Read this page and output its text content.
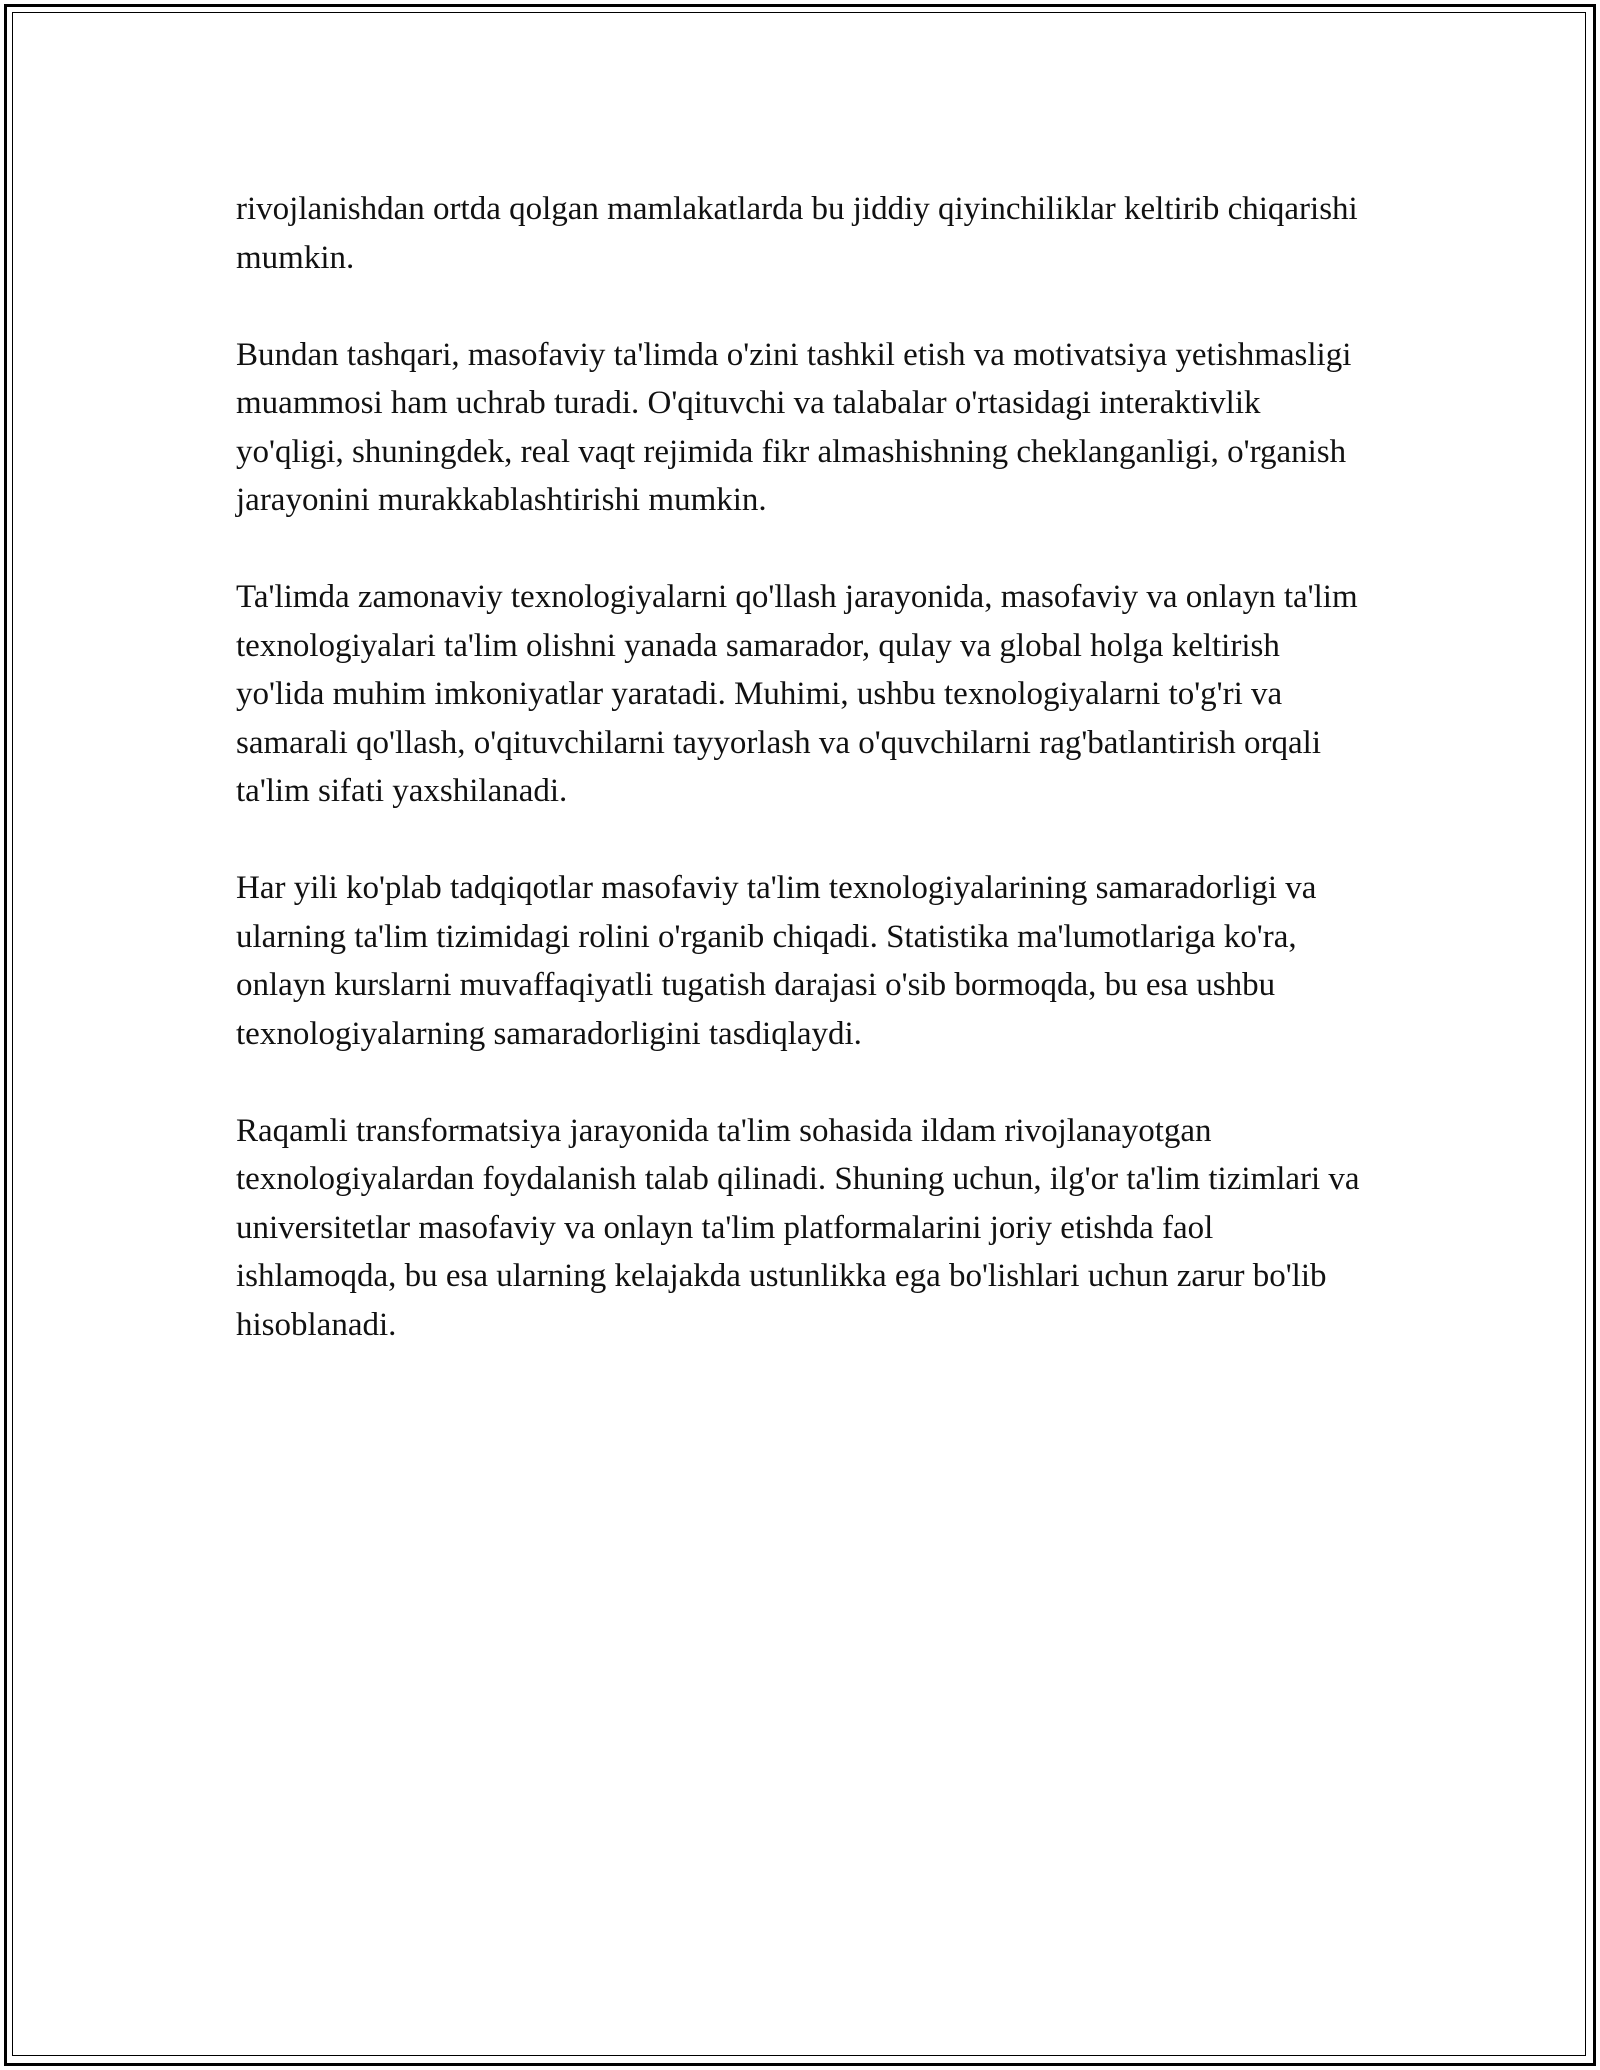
rivojlanishdan ortda qolgan mamlakatlarda bu jiddiy qiyinchiliklar keltirib chiqarishi mumkin.

Bundan tashqari, masofaviy ta'limda o'zini tashkil etish va motivatsiya yetishmasligi muammosi ham uchrab turadi. O'qituvchi va talabalar o'rtasidagi interaktivlik yo'qligi, shuningdek, real vaqt rejimida fikr almashishning cheklanganligi, o'rganish jarayonini murakkablashtirishi mumkin.

Ta'limda zamonaviy texnologiyalarni qo'llash jarayonida, masofaviy va onlayn ta'lim texnologiyalari ta'lim olishni yanada samarador, qulay va global holga keltirish yo'lida muhim imkoniyatlar yaratadi. Muhimi, ushbu texnologiyalarni to'g'ri va samarali qo'llash, o'qituvchilarni tayyorlash va o'quvchilarni rag'batlantirish orqali ta'lim sifati yaxshilanadi.

Har yili ko'plab tadqiqotlar masofaviy ta'lim texnologiyalarining samaradorligi va ularning ta'lim tizimidagi rolini o'rganib chiqadi. Statistika ma'lumotlariga ko'ra, onlayn kurslarni muvaffaqiyatli tugatish darajasi o'sib bormoqda, bu esa ushbu texnologiyalarning samaradorligini tasdiqlaydi.

Raqamli transformatsiya jarayonida ta'lim sohasida ildam rivojlanayotgan texnologiyalardan foydalanish talab qilinadi. Shuning uchun, ilg'or ta'lim tizimlari va universitetlar masofaviy va onlayn ta'lim platformalarini joriy etishda faol ishlamoqda, bu esa ularning kelajakda ustunlikka ega bo'lishlari uchun zarur bo'lib hisoblanadi.
